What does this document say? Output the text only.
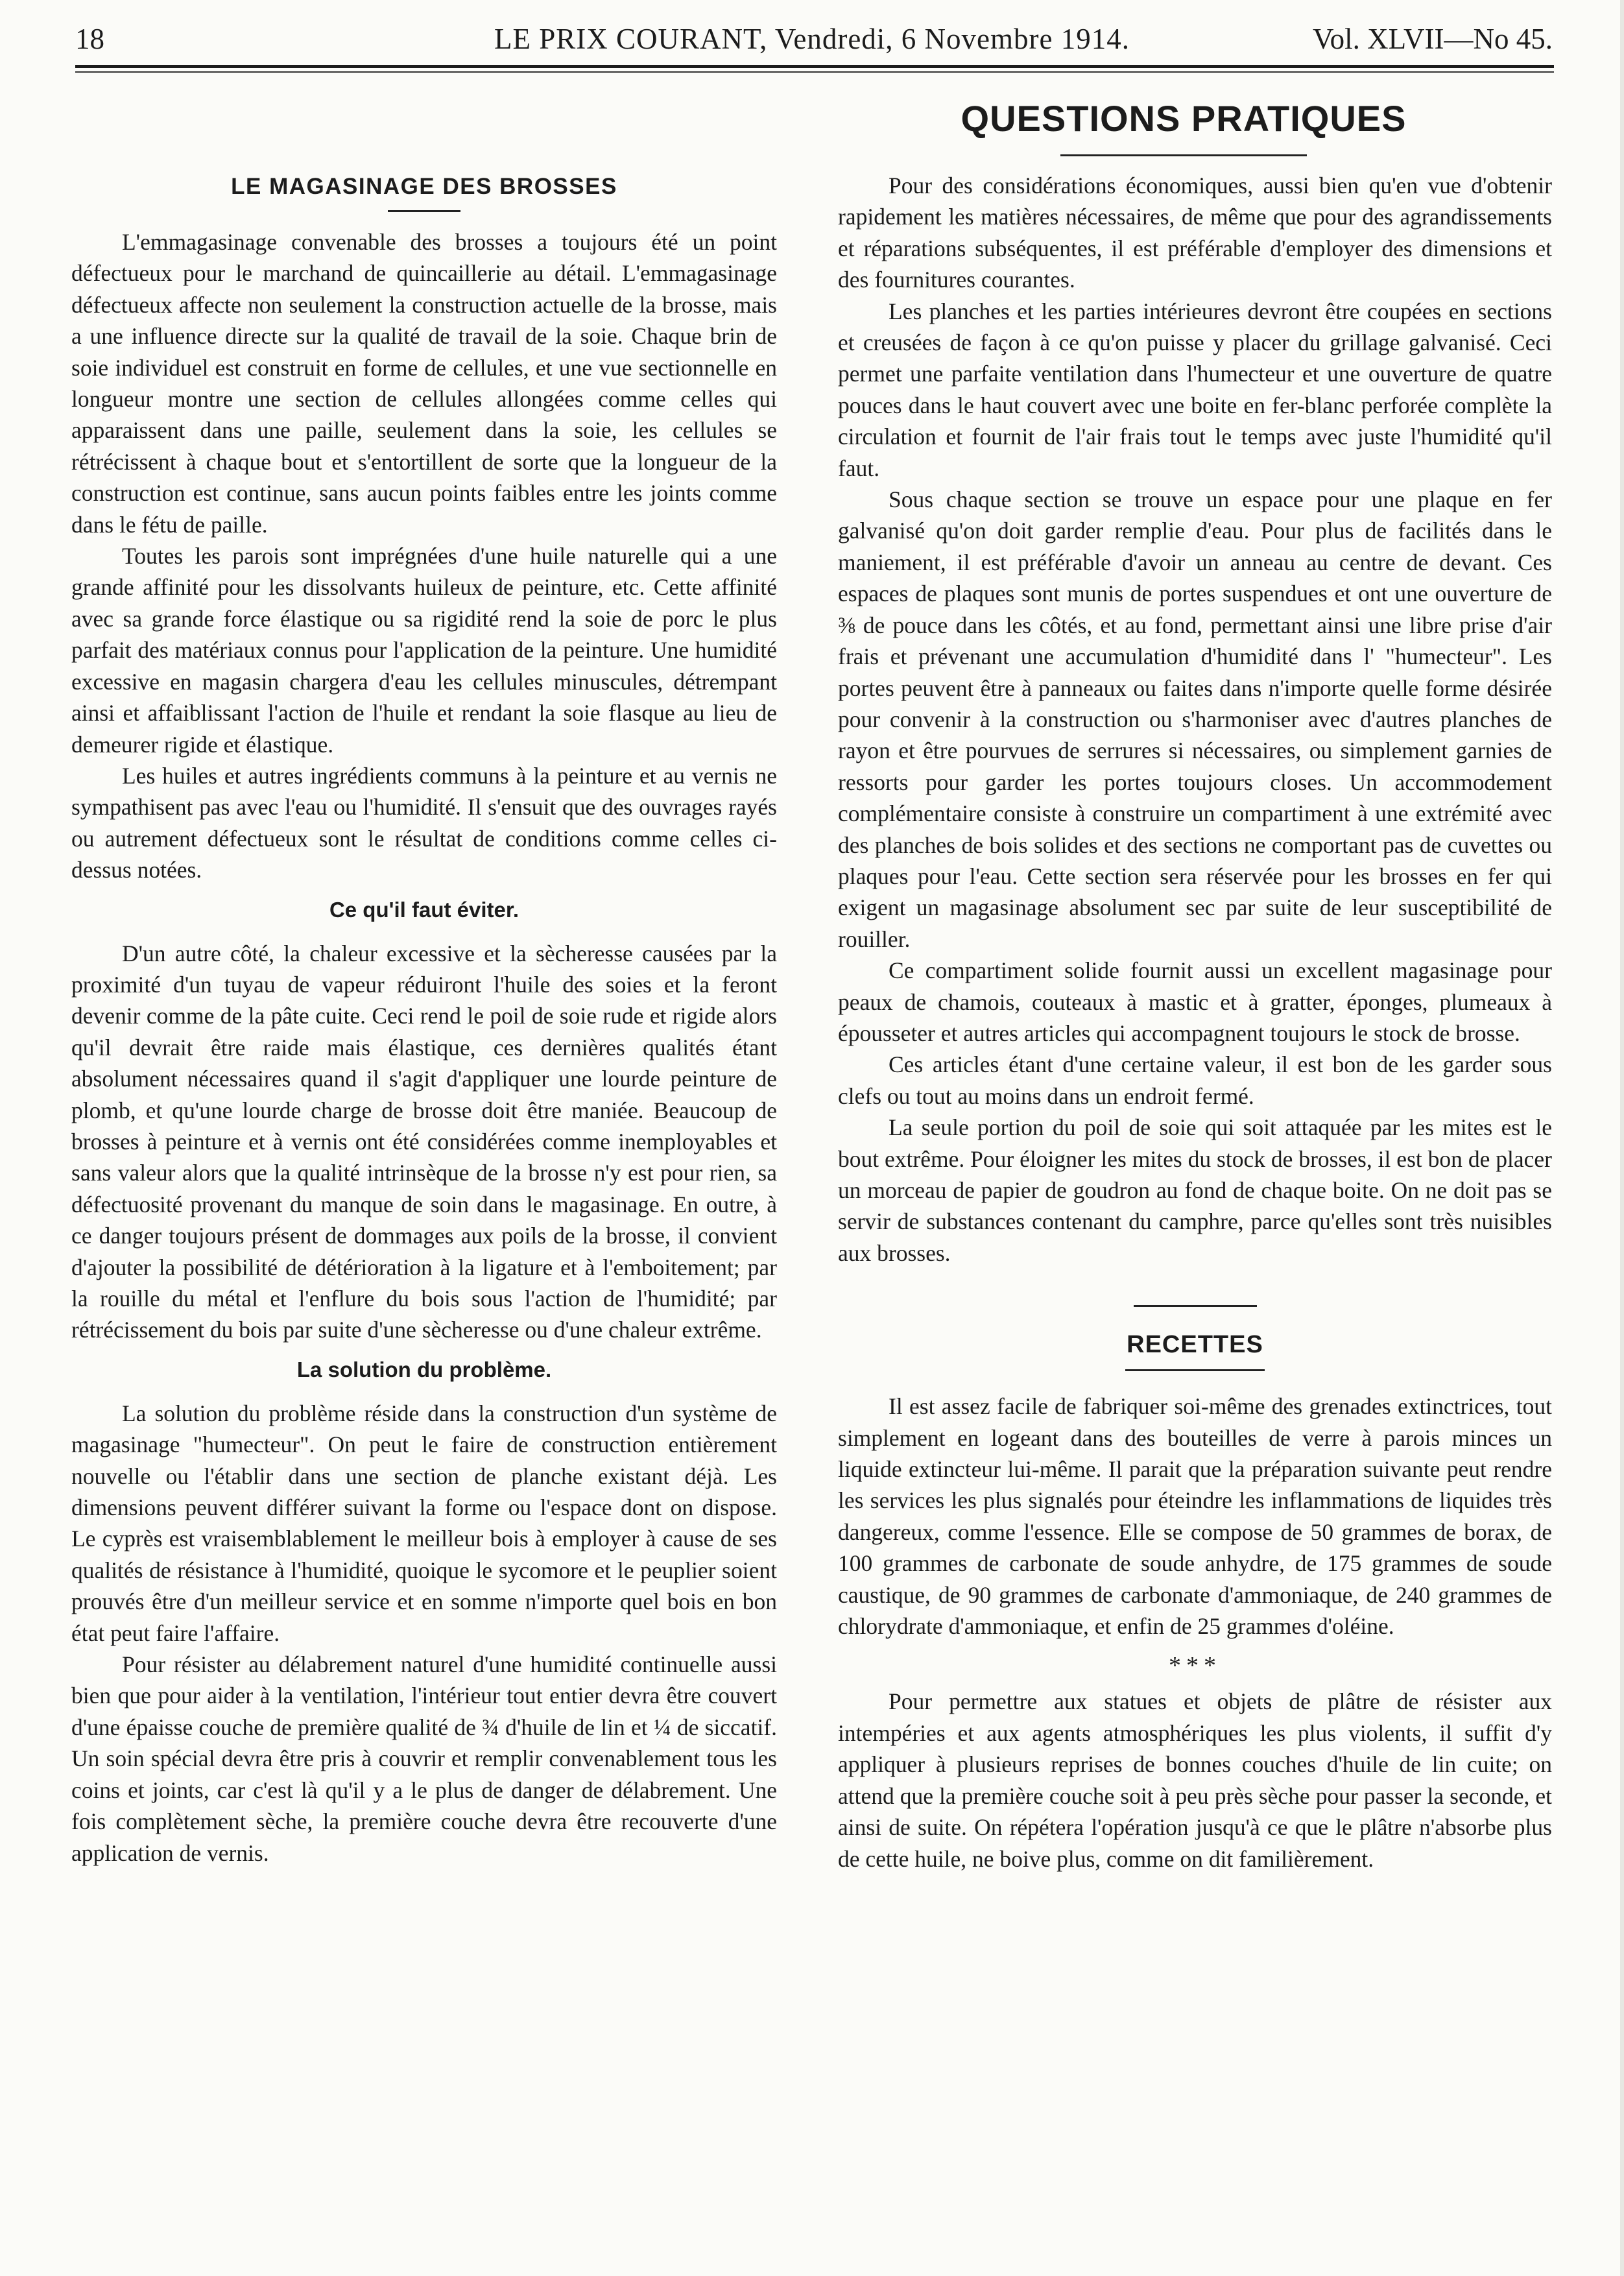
18	LE PRIX COURANT, Vendredi, 6 Novembre 1914.	Vol. XLVII—No 45.
QUESTIONS PRATIQUES
LE MAGASINAGE DES BROSSES

L'emmagasinage convenable des brosses a toujours été un point défectueux pour le marchand de quincaillerie au détail. L'emmagasinage défectueux affecte non seulement la construction actuelle de la brosse, mais a une influence directe sur la qualité de travail de la soie. Chaque brin de soie individuel est construit en forme de cellules, et une vue sectionnelle en longueur montre une section de cellules allongées comme celles qui apparaissent dans une paille, seulement dans la soie, les cellules se rétrécissent à chaque bout et s'entortillent de sorte que la longueur de la construction est continue, sans aucun points faibles entre les joints comme dans le fétu de paille.

Toutes les parois sont imprégnées d'une huile naturelle qui a une grande affinité pour les dissolvants huileux de peinture, etc. Cette affinité avec sa grande force élastique ou sa rigidité rend la soie de porc le plus parfait des matériaux connus pour l'application de la peinture. Une humidité excessive en magasin chargera d'eau les cellules minuscules, détrempant ainsi et affaiblissant l'action de l'huile et rendant la soie flasque au lieu de demeurer rigide et élastique.

Les huiles et autres ingrédients communs à la peinture et au vernis ne sympathisent pas avec l'eau ou l'humidité. Il s'ensuit que des ouvrages rayés ou autrement défectueux sont le résultat de conditions comme celles ci-dessus notées.

Ce qu'il faut éviter.

D'un autre côté, la chaleur excessive et la sècheresse causées par la proximité d'un tuyau de vapeur réduiront l'huile des soies et la feront devenir comme de la pâte cuite. Ceci rend le poil de soie rude et rigide alors qu'il devrait être raide mais élastique, ces dernières qualités étant absolument nécessaires quand il s'agit d'appliquer une lourde peinture de plomb, et qu'une lourde charge de brosse doit être maniée. Beaucoup de brosses à peinture et à vernis ont été considérées comme inemployables et sans valeur alors que la qualité intrinsèque de la brosse n'y est pour rien, sa défectuosité provenant du manque de soin dans le magasinage. En outre, à ce danger toujours présent de dommages aux poils de la brosse, il convient d'ajouter la possibilité de détérioration à la ligature et à l'emboitement; par la rouille du métal et l'enflure du bois sous l'action de l'humidité; par rétrécissement du bois par suite d'une sècheresse ou d'une chaleur extrême.

La solution du problème.

La solution du problème réside dans la construction d'un système de magasinage "humecteur". On peut le faire de construction entièrement nouvelle ou l'établir dans une section de planche existant déjà. Les dimensions peuvent différer suivant la forme ou l'espace dont on dispose. Le cyprès est vraisemblablement le meilleur bois à employer à cause de ses qualités de résistance à l'humidité, quoique le sycomore et le peuplier soient prouvés être d'un meilleur service et en somme n'importe quel bois en bon état peut faire l'affaire.

Pour résister au délabrement naturel d'une humidité continuelle aussi bien que pour aider à la ventilation, l'intérieur tout entier devra être couvert d'une épaisse couche de première qualité de ¾ d'huile de lin et ¼ de siccatif. Un soin spécial devra être pris à couvrir et remplir convenablement tous les coins et joints, car c'est là qu'il y a le plus de danger de délabrement. Une fois complètement sèche, la première couche devra être recouverte d'une application de vernis.

Pour des considérations économiques, aussi bien qu'en vue d'obtenir rapidement les matières nécessaires, de même que pour des agrandissements et réparations subséquentes, il est préférable d'employer des dimensions et des fournitures courantes.

Les planches et les parties intérieures devront être coupées en sections et creusées de façon à ce qu'on puisse y placer du grillage galvanisé. Ceci permet une parfaite ventilation dans l'humecteur et une ouverture de quatre pouces dans le haut couvert avec une boite en fer-blanc perforée complète la circulation et fournit de l'air frais tout le temps avec juste l'humidité qu'il faut.

Sous chaque section se trouve un espace pour une plaque en fer galvanisé qu'on doit garder remplie d'eau. Pour plus de facilités dans le maniement, il est préférable d'avoir un anneau au centre de devant. Ces espaces de plaques sont munis de portes suspendues et ont une ouverture de ⅜ de pouce dans les côtés, et au fond, permettant ainsi une libre prise d'air frais et prévenant une accumulation d'humidité dans l' "humecteur". Les portes peuvent être à panneaux ou faites dans n'importe quelle forme désirée pour convenir à la construction ou s'harmoniser avec d'autres planches de rayon et être pourvues de serrures si nécessaires, ou simplement garnies de ressorts pour garder les portes toujours closes. Un accommodement complémentaire consiste à construire un compartiment à une extrémité avec des planches de bois solides et des sections ne comportant pas de cuvettes ou plaques pour l'eau. Cette section sera réservée pour les brosses en fer qui exigent un magasinage absolument sec par suite de leur susceptibilité de rouiller.

Ce compartiment solide fournit aussi un excellent magasinage pour peaux de chamois, couteaux à mastic et à gratter, éponges, plumeaux à épousseter et autres articles qui accompagnent toujours le stock de brosse.

Ces articles étant d'une certaine valeur, il est bon de les garder sous clefs ou tout au moins dans un endroit fermé.

La seule portion du poil de soie qui soit attaquée par les mites est le bout extrême. Pour éloigner les mites du stock de brosses, il est bon de placer un morceau de papier de goudron au fond de chaque boite. On ne doit pas se servir de substances contenant du camphre, parce qu'elles sont très nuisibles aux brosses.

RECETTES

Il est assez facile de fabriquer soi-même des grenades extinctrices, tout simplement en logeant dans des bouteilles de verre à parois minces un liquide extincteur lui-même. Il parait que la préparation suivante peut rendre les services les plus signalés pour éteindre les inflammations de liquides très dangereux, comme l'essence. Elle se compose de 50 grammes de borax, de 100 grammes de carbonate de soude anhydre, de 175 grammes de soude caustique, de 90 grammes de carbonate d'ammoniaque, de 240 grammes de chlorydrate d'ammoniaque, et enfin de 25 grammes d'oléine.

***

Pour permettre aux statues et objets de plâtre de résister aux intempéries et aux agents atmosphériques les plus violents, il suffit d'y appliquer à plusieurs reprises de bonnes couches d'huile de lin cuite; on attend que la première couche soit à peu près sèche pour passer la seconde, et ainsi de suite. On répétera l'opération jusqu'à ce que le plâtre n'absorbe plus de cette huile, ne boive plus, comme on dit familièrement.
